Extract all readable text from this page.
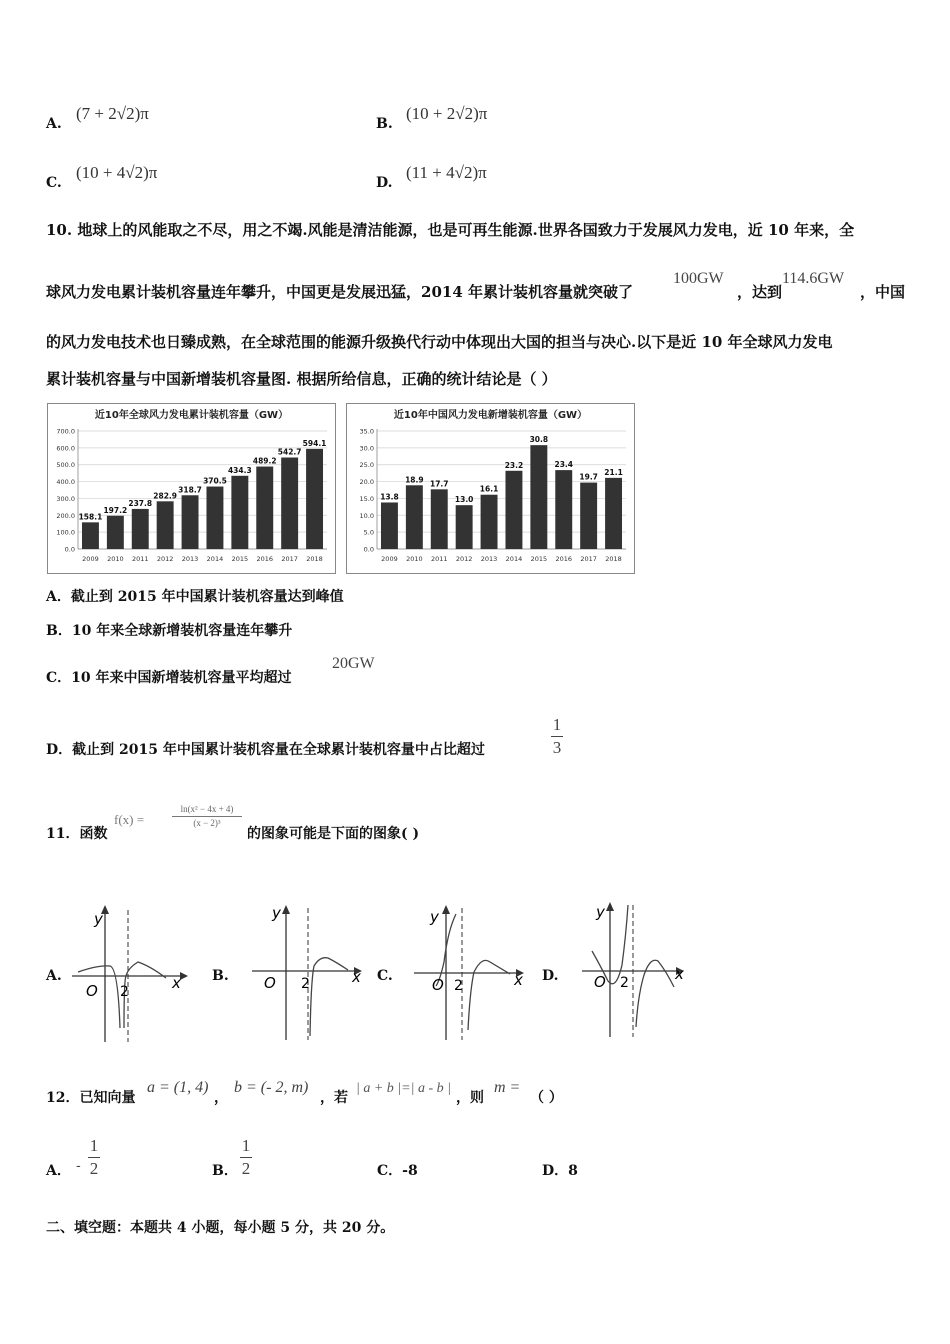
A.
(7 + 2√2)π
B.
(10 + 2√2)π
C.
(10 + 4√2)π
D.
(11 + 4√2)π
10. 地球上的风能取之不尽，用之不竭.风能是清洁能源，也是可再生能源.世界各国致力于发展风力发电，近 10 年来，全
球风力发电累计装机容量连年攀升，中国更是发展迅猛，2014 年累计装机容量就突破了
100GW
，达到
114.6GW
，中国
的风力发电技术也日臻成熟，在全球范围的能源升级换代行动中体现出大国的担当与决心.以下是近 10 年全球风力发电
累计装机容量与中国新增装机容量图. 根据所给信息，正确的统计结论是（ ）
近10年全球风力发电累计装机容量（GW）
0.0
100.0
200.0
300.0
400.0
500.0
600.0
700.0
158.1
2009
197.2
2010
237.8
2011
282.9
2012
318.7
2013
370.5
2014
434.3
2015
489.2
2016
542.7
2017
594.1
2018
近10年中国风力发电新增装机容量（GW）
0.0
5.0
10.0
15.0
20.0
25.0
30.0
35.0
13.8
2009
18.9
2010
17.7
2011
13.0
2012
16.1
2013
23.2
2014
30.8
2015
23.4
2016
19.7
2017
21.1
2018
A．截止到 2015 年中国累计装机容量达到峰值
B．10 年来全球新增装机容量连年攀升
C．10 年来中国新增装机容量平均超过
20GW
D．截止到 2015 年中国累计装机容量在全球累计装机容量中占比超过
1
3
11．函数
f(x) =
ln(x² − 4x + 4)
(x − 2)³
的图象可能是下面的图象( )
A.
y
O 2	x B.
y
O 2	x C.
y
O 2	x D.
y
O 2	x
12．已知向量
a = (1, 4)
，
b = (- 2, m)
，若
| a + b |=| a - b |
，则
m =
（ ）
A． -
1
2	B．
1
2	C．-8	D．8
二、填空题：本题共 4 小题，每小题 5 分，共 20 分。
